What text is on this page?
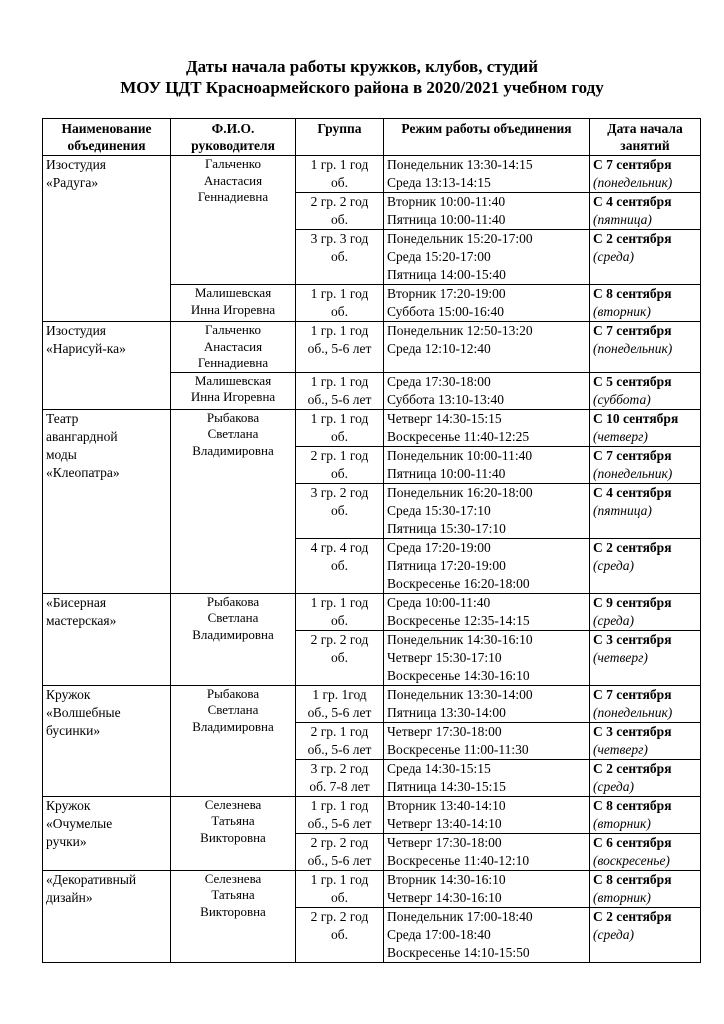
Даты начала работы кружков, клубов, студий
МОУ ЦДТ Красноармейского района в 2020/2021 учебном году
Наименование объединения	Ф.И.О. руководителя	Группа	Режим работы объединения	Дата начала занятий

Изостудия
«Радуга»	Гальченко
Анастасия
Геннадиевна	1 гр. 1 год
об.	Понедельник 13:30-14:15
Среда 13:13-14:15	С 7 сентября
(понедельник)

		2 гр. 2 год
об.	Вторник 10:00-11:40
Пятница 10:00-11:40	С 4 сентября
(пятница)

		3 гр. 3 год
об.	Понедельник 15:20-17:00
Среда 15:20-17:00
Пятница 14:00-15:40	С 2 сентября
(среда)

	Малишевская
Инна Игоревна	1 гр. 1 год
об.	Вторник 17:20-19:00
Суббота 15:00-16:40	С 8 сентября
(вторник)

Изостудия
«Нарисуй-ка»	Гальченко
Анастасия
Геннадиевна	1 гр. 1 год
об., 5-6 лет	Понедельник 12:50-13:20
Среда 12:10-12:40	С 7 сентября
(понедельник)

	Малишевская
Инна Игоревна	1 гр. 1 год
об., 5-6 лет	Среда 17:30-18:00
Суббота 13:10-13:40	С 5 сентября
(суббота)

Театр
авангардной
моды
«Клеопатра»	Рыбакова
Светлана
Владимировна	1 гр. 1 год
об.	Четверг 14:30-15:15
Воскресенье 11:40-12:25	С 10 сентября
(четверг)

		2 гр. 1 год
об.	Понедельник 10:00-11:40
Пятница 10:00-11:40	С 7 сентября
(понедельник)

		3 гр. 2 год
об.	Понедельник 16:20-18:00
Среда 15:30-17:10
Пятница 15:30-17:10	С 4 сентября
(пятница)

		4 гр. 4 год
об.	Среда 17:20-19:00
Пятница 17:20-19:00
Воскресенье 16:20-18:00	С 2 сентября
(среда)

«Бисерная
мастерская»	Рыбакова
Светлана
Владимировна	1 гр. 1 год
об.	Среда 10:00-11:40
Воскресенье 12:35-14:15	С 9 сентября
(среда)

		2 гр. 2 год
об.	Понедельник 14:30-16:10
Четверг 15:30-17:10
Воскресенье 14:30-16:10	С 3 сентября
(четверг)

Кружок
«Волшебные
бусинки»	Рыбакова
Светлана
Владимировна	1 гр. 1год
об., 5-6 лет	Понедельник 13:30-14:00
Пятница 13:30-14:00	С 7 сентября
(понедельник)

		2 гр. 1 год
об., 5-6 лет	Четверг 17:30-18:00
Воскресенье 11:00-11:30	С 3 сентября
(четверг)

		3 гр. 2 год
об. 7-8 лет	Среда 14:30-15:15
Пятница 14:30-15:15	С 2 сентября
(среда)

Кружок
«Очумелые
ручки»	Селезнева
Татьяна
Викторовна	1 гр. 1 год
об., 5-6 лет	Вторник 13:40-14:10
Четверг 13:40-14:10	С 8 сентября
(вторник)

		2 гр. 2 год
об., 5-6 лет	Четверг 17:30-18:00
Воскресенье 11:40-12:10	С 6 сентября
(воскресенье)

«Декоративный
дизайн»	Селезнева
Татьяна
Викторовна	1 гр. 1 год
об.	Вторник 14:30-16:10
Четверг 14:30-16:10	С 8 сентября
(вторник)

		2 гр. 2 год
об.	Понедельник 17:00-18:40
Среда 17:00-18:40
Воскресенье 14:10-15:50	С 2 сентября
(среда)
